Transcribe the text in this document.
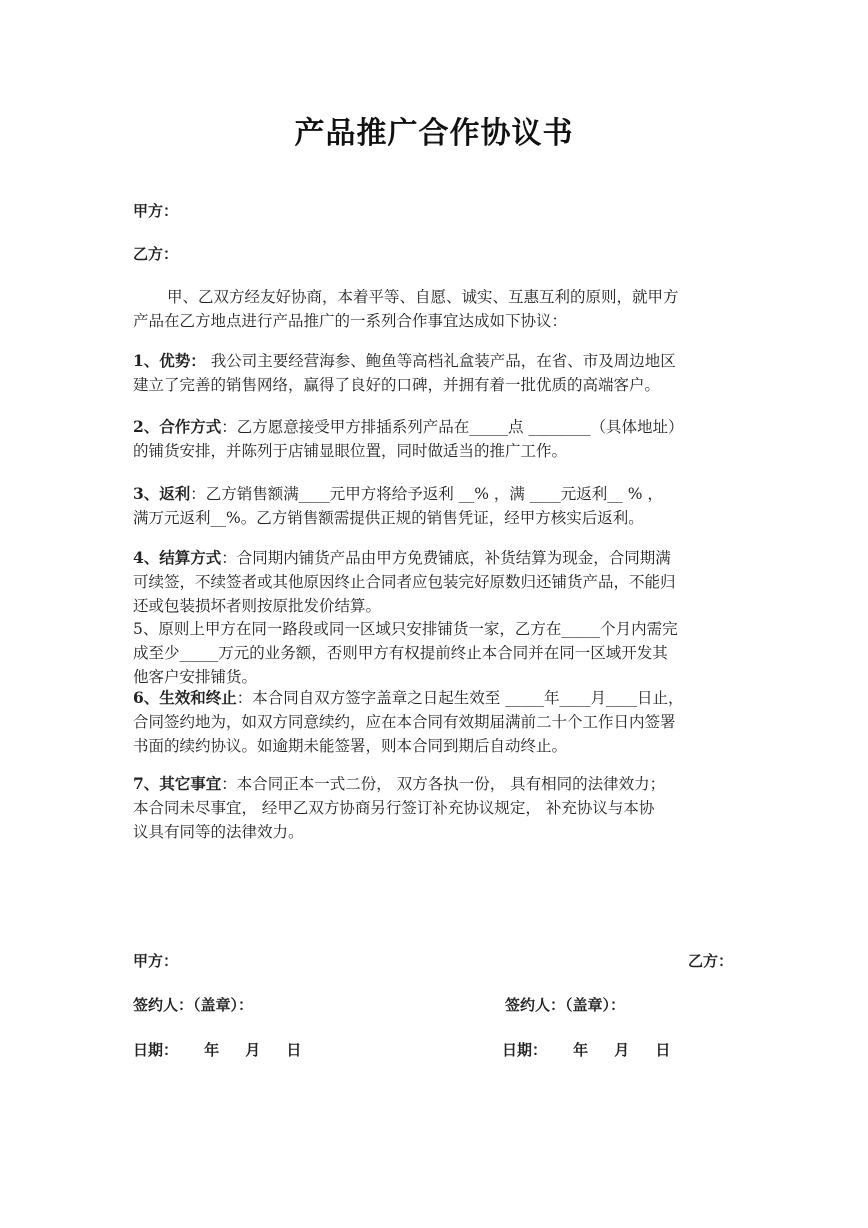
产品推广合作协议书
甲方：
乙方：

甲、乙双方经友好协商，本着平等、自愿、诚实、互惠互利的原则，就甲方
产品在乙方地点进行产品推广的一系列合作事宜达成如下协议：

1、优势： 我公司主要经营海参、鲍鱼等高档礼盒装产品，在省、市及周边地区
建立了完善的销售网络，赢得了良好的口碑，并拥有着一批优质的高端客户。

2、合作方式：乙方愿意接受甲方排插系列产品在_____点 ________（具体地址）
的铺货安排，并陈列于店铺显眼位置，同时做适当的推广工作。

3、返利：乙方销售额满____元甲方将给予返利 __% ，满 ____元返利__ % ，
满万元返利__%。乙方销售额需提供正规的销售凭证，经甲方核实后返利。

4、结算方式：合同期内铺货产品由甲方免费铺底，补货结算为现金，合同期满
可续签，不续签者或其他原因终止合同者应包装完好原数归还铺货产品，不能归
还或包装损坏者则按原批发价结算。

5、原则上甲方在同一路段或同一区域只安排铺货一家，乙方在_____个月内需完
成至少_____万元的业务额，否则甲方有权提前终止本合同并在同一区域开发其
他客户安排铺货。

6、生效和终止：本合同自双方签字盖章之日起生效至 _____年____月____日止，
合同签约地为，如双方同意续约，应在本合同有效期届满前二十个工作日内签署
书面的续约协议。如逾期未能签署，则本合同到期后自动终止。

7、其它事宜：本合同正本一式二份， 双方各执一份， 具有相同的法律效力；
本合同未尽事宜， 经甲乙双方协商另行签订补充协议规定， 补充协议与本协
议具有同等的法律效力。

甲方：	乙方：
签约人：（盖章）：	签约人：（盖章）：
日期：     年     月     日	日期：     年     月     日
